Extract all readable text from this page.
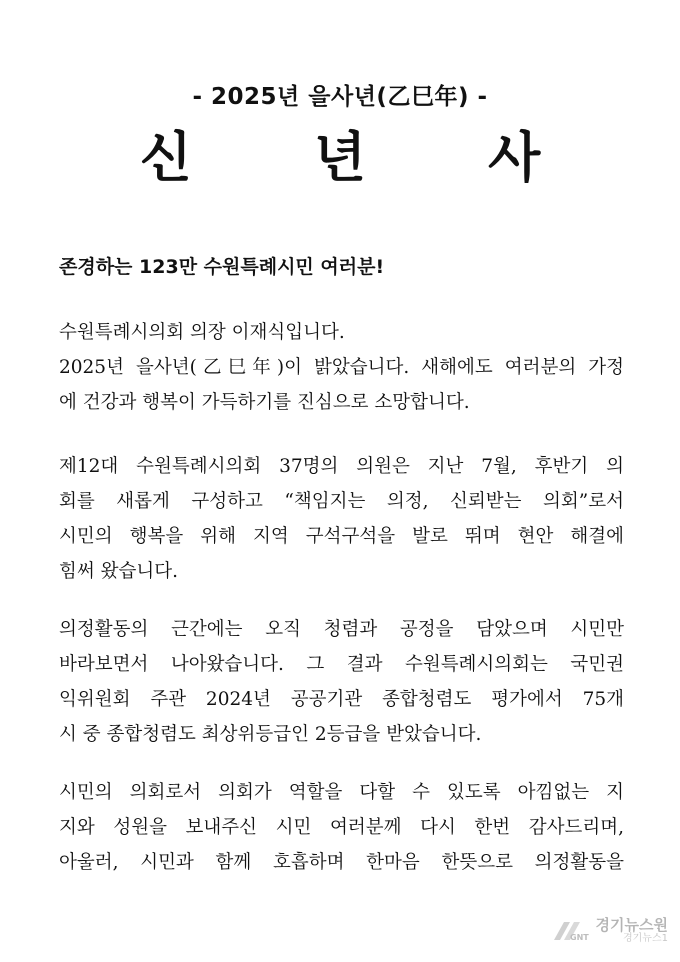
- 2025년 을사년(乙巳年) -
신 년 사
존경하는 123만 수원특례시민 여러분!
수원특례시의회 의장 이재식입니다.
2025년 을사년(乙巳年)이 밝았습니다. 새해에도 여러분의 가정
에 건강과 행복이 가득하기를 진심으로 소망합니다.
제12대 수원특례시의회 37명의 의원은 지난 7월, 후반기 의
회를 새롭게 구성하고 “책임지는 의정, 신뢰받는 의회”로서
시민의 행복을 위해 지역 구석구석을 발로 뛰며 현안 해결에
힘써 왔습니다.
의정활동의 근간에는 오직 청렴과 공정을 담았으며 시민만
바라보면서 나아왔습니다. 그 결과 수원특례시의회는 국민권
익위원회 주관 2024년 공공기관 종합청렴도 평가에서 75개
시 중 종합청렴도 최상위등급인 2등급을 받았습니다.
시민의 의회로서 의회가 역할을 다할 수 있도록 아낌없는 지
지와 성원을 보내주신 시민 여러분께 다시 한번 감사드리며,
아울러, 시민과 함께 호흡하며 한마음 한뜻으로 의정활동을
GNT
경기뉴스원
경기뉴스1
